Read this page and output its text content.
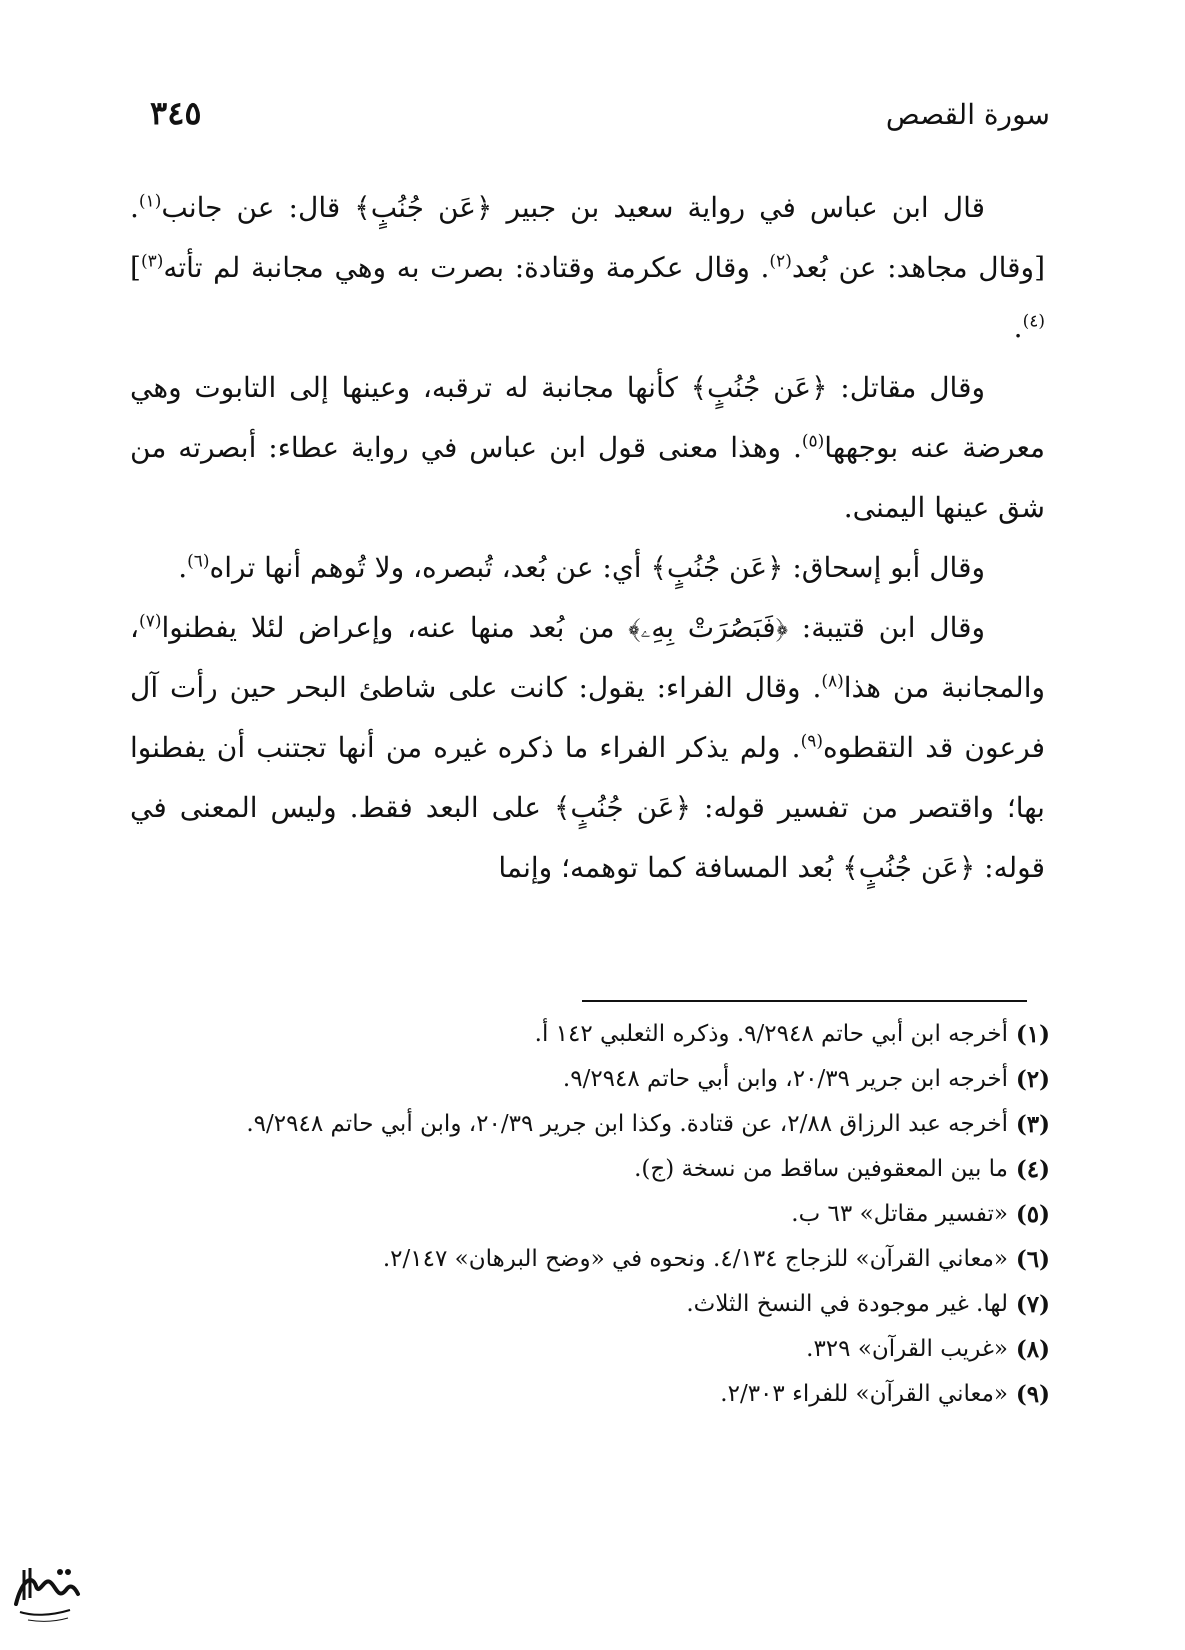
سورة القصص
٣٤٥

قال ابن عباس في رواية سعيد بن جبير ﴿عَن جُنُبٍ﴾ قال: عن جانب$^{(١)}$. [وقال مجاهد: عن بُعد$^{(٢)}$. وقال عكرمة وقتادة: بصرت به وهي مجانبة لم تأته$^{(٣)}$]$^{(٤)}$.

وقال مقاتل: ﴿عَن جُنُبٍ﴾ كأنها مجانبة له ترقبه، وعينها إلى التابوت وهي معرضة عنه بوجهها$^{(٥)}$. وهذا معنى قول ابن عباس في رواية عطاء: أبصرته من شق عينها اليمنى.

وقال أبو إسحاق: ﴿عَن جُنُبٍ﴾ أي: عن بُعد، تُبصره، ولا تُوهم أنها تراه$^{(٦)}$.

وقال ابن قتيبة: ﴿فَبَصُرَتْ بِهِۦ﴾ من بُعد منها عنه، وإعراض لئلا يفطنوا$^{(٧)}$، والمجانبة من هذا$^{(٨)}$. وقال الفراء: يقول: كانت على شاطئ البحر حين رأت آل فرعون قد التقطوه$^{(٩)}$. ولم يذكر الفراء ما ذكره غيره من أنها تجتنب أن يفطنوا بها؛ واقتصر من تفسير قوله: ﴿عَن جُنُبٍ﴾ على البعد فقط. وليس المعنى في قوله: ﴿عَن جُنُبٍ﴾ بُعد المسافة كما توهمه؛ وإنما

(١)
أخرجه ابن أبي حاتم ٩/٢٩٤٨. وذكره الثعلبي ١٤٢ أ.
(٢)
أخرجه ابن جرير ٢٠/٣٩، وابن أبي حاتم ٩/٢٩٤٨.
(٣)
أخرجه عبد الرزاق ٢/٨٨، عن قتادة. وكذا ابن جرير ٢٠/٣٩، وابن أبي حاتم ٩/٢٩٤٨.
(٤)
ما بين المعقوفين ساقط من نسخة (ج).
(٥)
«تفسير مقاتل» ٦٣ ب.
(٦)
«معاني القرآن» للزجاج ٤/١٣٤. ونحوه في «وضح البرهان» ٢/١٤٧.
(٧)
لها. غير موجودة في النسخ الثلاث.
(٨)
«غريب القرآن» ٣٢٩.
(٩)
«معاني القرآن» للفراء ٢/٣٠٣.
